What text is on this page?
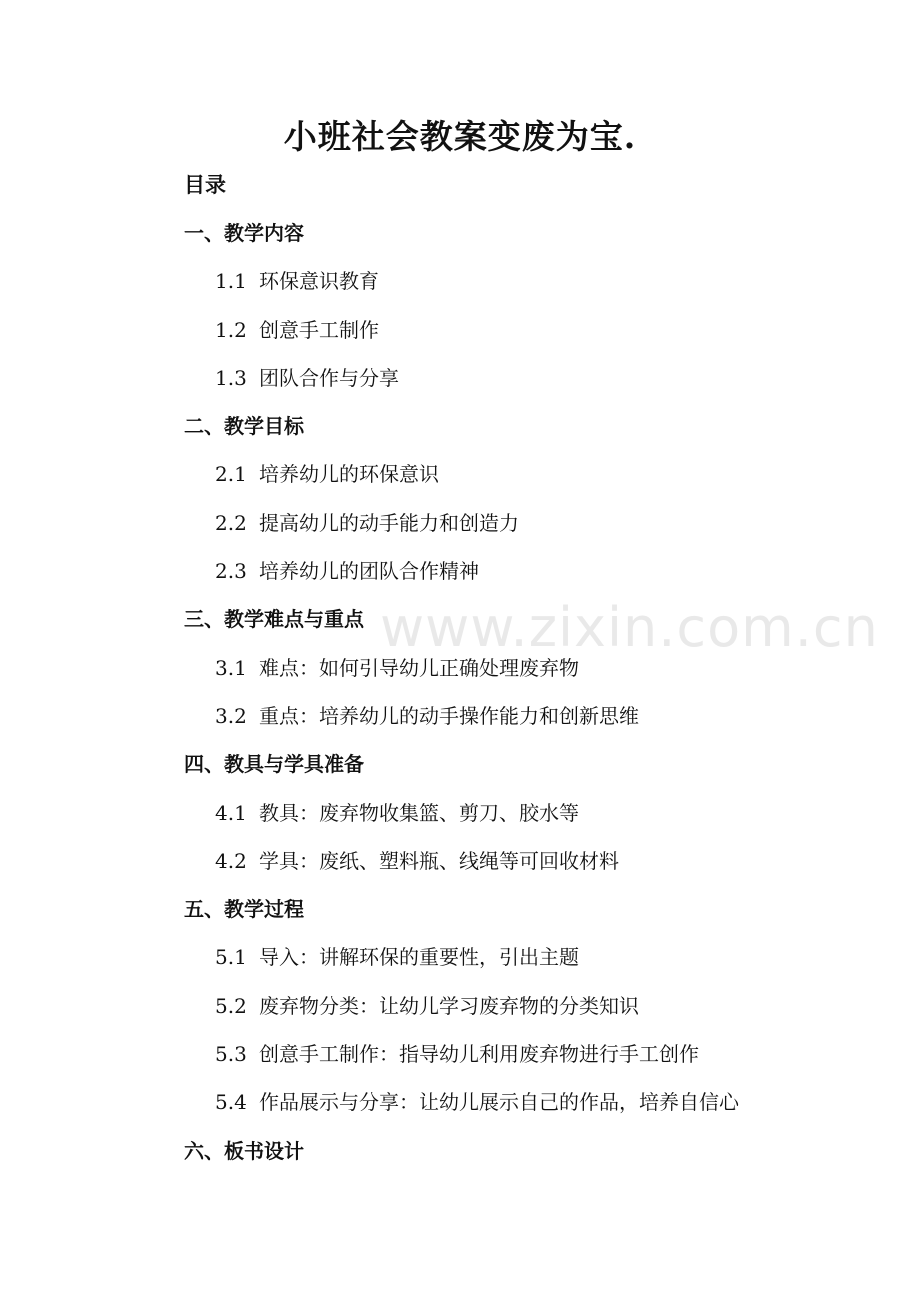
小班社会教案变废为宝.
目录
一、教学内容
1.1 环保意识教育
1.2 创意手工制作
1.3 团队合作与分享
二、教学目标
2.1 培养幼儿的环保意识
2.2 提高幼儿的动手能力和创造力
2.3 培养幼儿的团队合作精神
三、教学难点与重点
3.1 难点：如何引导幼儿正确处理废弃物
3.2 重点：培养幼儿的动手操作能力和创新思维
四、教具与学具准备
4.1 教具：废弃物收集篮、剪刀、胶水等
4.2 学具：废纸、塑料瓶、线绳等可回收材料
五、教学过程
5.1 导入：讲解环保的重要性，引出主题
5.2 废弃物分类：让幼儿学习废弃物的分类知识
5.3 创意手工制作：指导幼儿利用废弃物进行手工创作
5.4 作品展示与分享：让幼儿展示自己的作品，培养自信心
六、板书设计
www.zixin.com.cn
